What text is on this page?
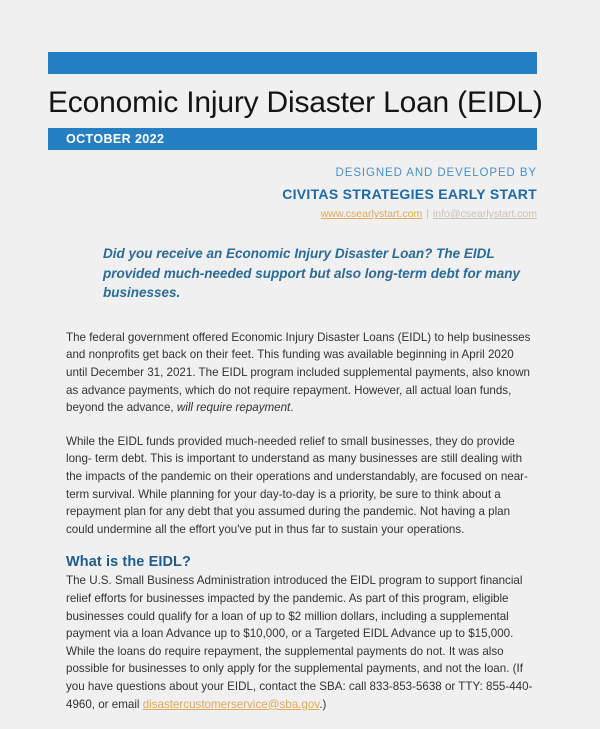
Economic Injury Disaster Loan (EIDL)
OCTOBER 2022
DESIGNED AND DEVELOPED BY
CIVITAS STRATEGIES EARLY START
www.csearlystart.com | info@csearlystart.com

Did you receive an Economic Injury Disaster Loan? The EIDL provided much-needed support but also long-term debt for many businesses.

The federal government offered Economic Injury Disaster Loans (EIDL) to help businesses and nonprofits get back on their feet. This funding was available beginning in April 2020 until December 31, 2021. The EIDL program included supplemental payments, also known as advance payments, which do not require repayment. However, all actual loan funds, beyond the advance, will require repayment.

While the EIDL funds provided much-needed relief to small businesses, they do provide long- term debt. This is important to understand as many businesses are still dealing with the impacts of the pandemic on their operations and understandably, are focused on near-term survival. While planning for your day-to-day is a priority, be sure to think about a repayment plan for any debt that you assumed during the pandemic. Not having a plan could undermine all the effort you've put in thus far to sustain your operations.

What is the EIDL?

The U.S. Small Business Administration introduced the EIDL program to support financial relief efforts for businesses impacted by the pandemic. As part of this program, eligible businesses could qualify for a loan of up to $2 million dollars, including a supplemental payment via a loan Advance up to $10,000, or a Targeted EIDL Advance up to $15,000. While the loans do require repayment, the supplemental payments do not. It was also possible for businesses to only apply for the supplemental payments, and not the loan. (If you have questions about your EIDL, contact the SBA: call 833-853-5638 or TTY: 855-440-4960, or email disastercustomerservice@sba.gov.)
